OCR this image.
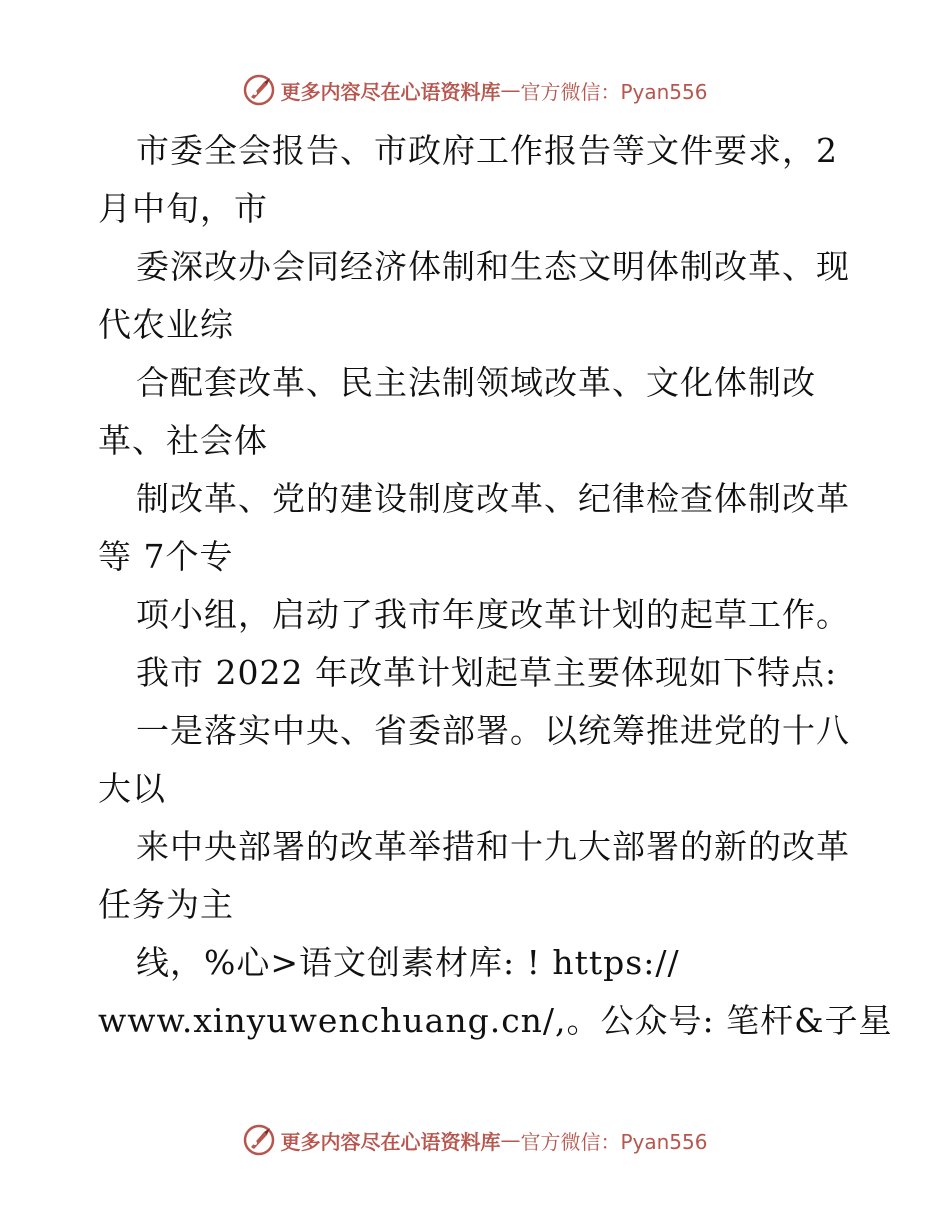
更多内容尽在心语资料库 — 官方微信：Pyan556
市委全会报告、市政府工作报告等文件要求，2
月中旬，市
委深改办会同经济体制和生态文明体制改革、现
代农业综
合配套改革、民主法制领域改革、文化体制改
革、社会体
制改革、党的建设制度改革、纪律检查体制改革
等 7个专
项小组，启动了我市年度改革计划的起草工作。
我市 2022 年改革计划起草主要体现如下特点:
一是落实中央、省委部署。以统筹推进党的十八
大以
来中央部署的改革举措和十九大部署的新的改革
任务为主
线，%心>语文创素材库: ! https://
www.xinyuwenchuang.cn/,。公众号: 笔杆&子星
更多内容尽在心语资料库 — 官方微信：Pyan556
